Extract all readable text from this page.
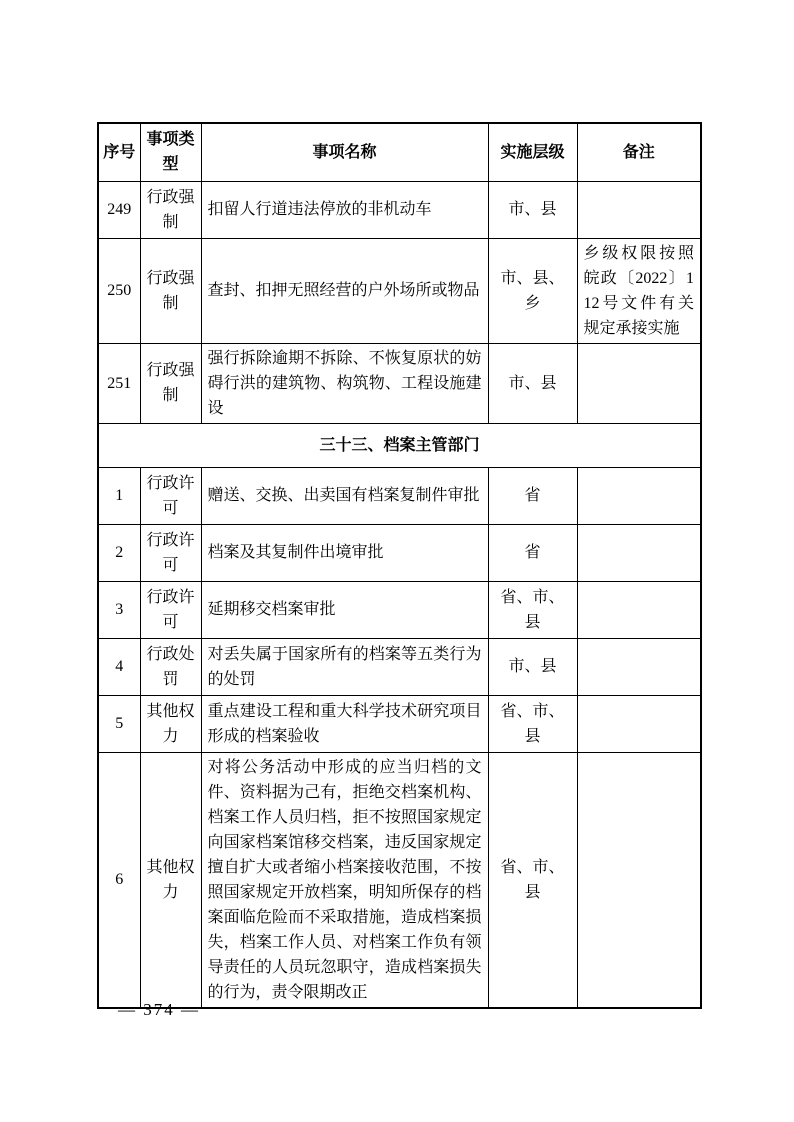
序号	事项类型	事项名称	实施层级	备注
249	行政强制	扣留人行道违法停放的非机动车	市、县	
250	行政强制	查封、扣押无照经营的户外场所或物品	市、县、乡	乡级权限按照皖政〔2022〕112号文件有关规定承接实施
251	行政强制	强行拆除逾期不拆除、不恢复原状的妨碍行洪的建筑物、构筑物、工程设施建设	市、县	
三十三、档案主管部门				
1	行政许可	赠送、交换、出卖国有档案复制件审批	省	
2	行政许可	档案及其复制件出境审批	省	
3	行政许可	延期移交档案审批	省、市、县	
4	行政处罚	对丢失属于国家所有的档案等五类行为的处罚	市、县	
5	其他权力	重点建设工程和重大科学技术研究项目形成的档案验收	省、市、县	
6	其他权力	对将公务活动中形成的应当归档的文件、资料据为己有，拒绝交档案机构、档案工作人员归档，拒不按照国家规定向国家档案馆移交档案，违反国家规定擅自扩大或者缩小档案接收范围，不按照国家规定开放档案，明知所保存的档案面临危险而不采取措施，造成档案损失，档案工作人员、对档案工作负有领导责任的人员玩忽职守，造成档案损失的行为，责令限期改正	省、市、县	
— 374 —
